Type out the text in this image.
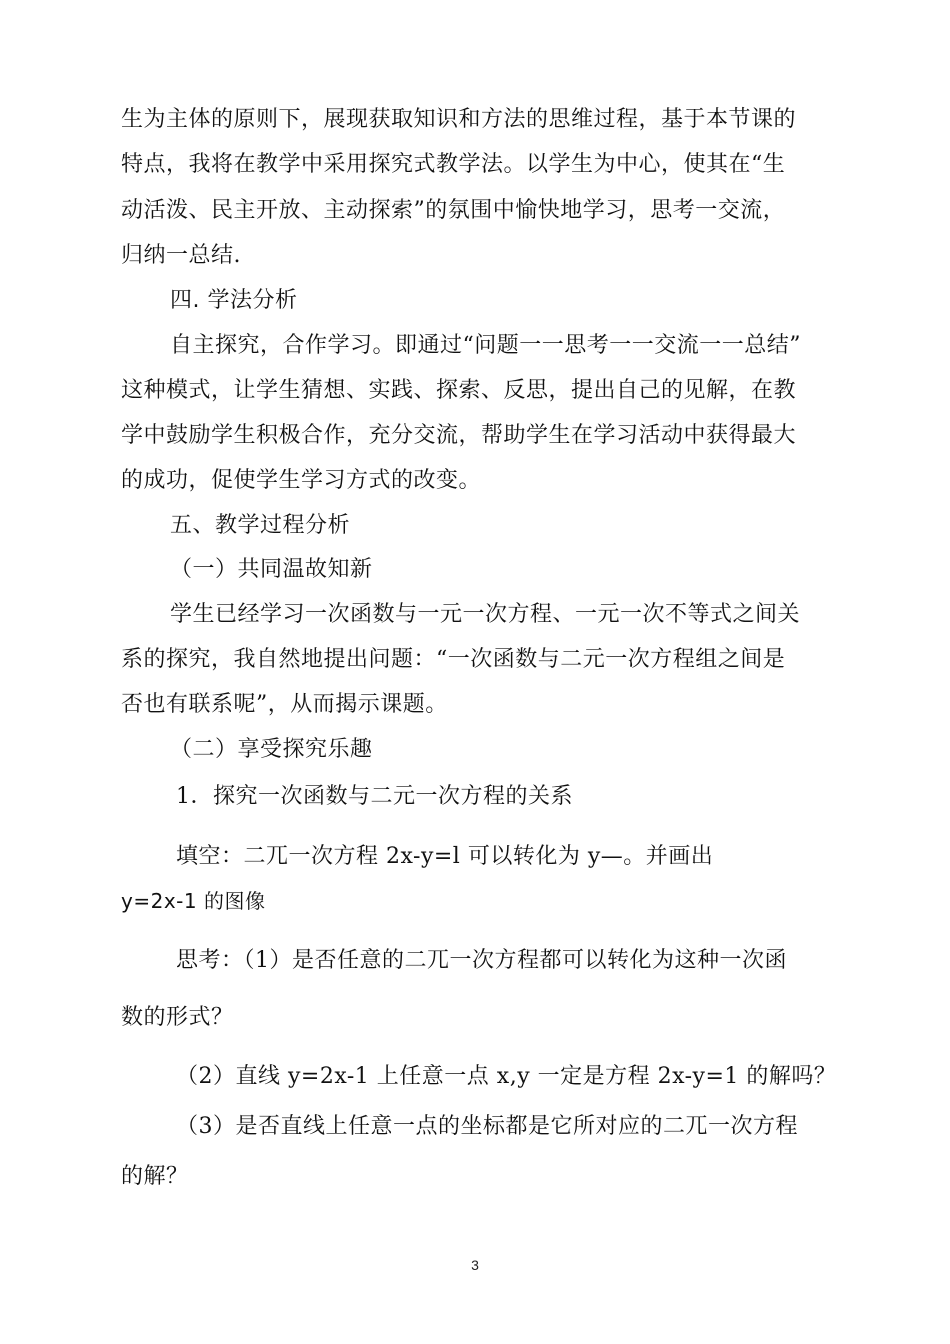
生为主体的原则下，展现获取知识和方法的思维过程，基于本节课的
特点，我将在教学中采用探究式教学法。以学生为中心，使其在“生
动活泼、民主开放、主动探索”的氛围中愉快地学习，思考一交流，
归纳一总结.
四. 学法分析
自主探究，合作学习。即通过“问题一一思考一一交流一一总结”
这种模式，让学生猜想、实践、探索、反思，提出自己的见解，在教
学中鼓励学生积极合作，充分交流，帮助学生在学习活动中获得最大
的成功，促使学生学习方式的改变。
五、教学过程分析
（一）共同温故知新
学生已经学习一次函数与一元一次方程、一元一次不等式之间关
系的探究，我自然地提出问题：“一次函数与二元一次方程组之间是
否也有联系呢”，从而揭示课题。
（二）享受探究乐趣
1．探究一次函数与二元一次方程的关系
填空：二兀一次方程 2x-y=l 可以转化为 y—。并画出
y=2x-1 的图像
思考：（1）是否任意的二兀一次方程都可以转化为这种一次函
数的形式？
（2）直线 y=2x-1 上任意一点 x,y 一定是方程 2x-y=1 的解吗？
（3）是否直线上任意一点的坐标都是它所对应的二兀一次方程
的解？
3
